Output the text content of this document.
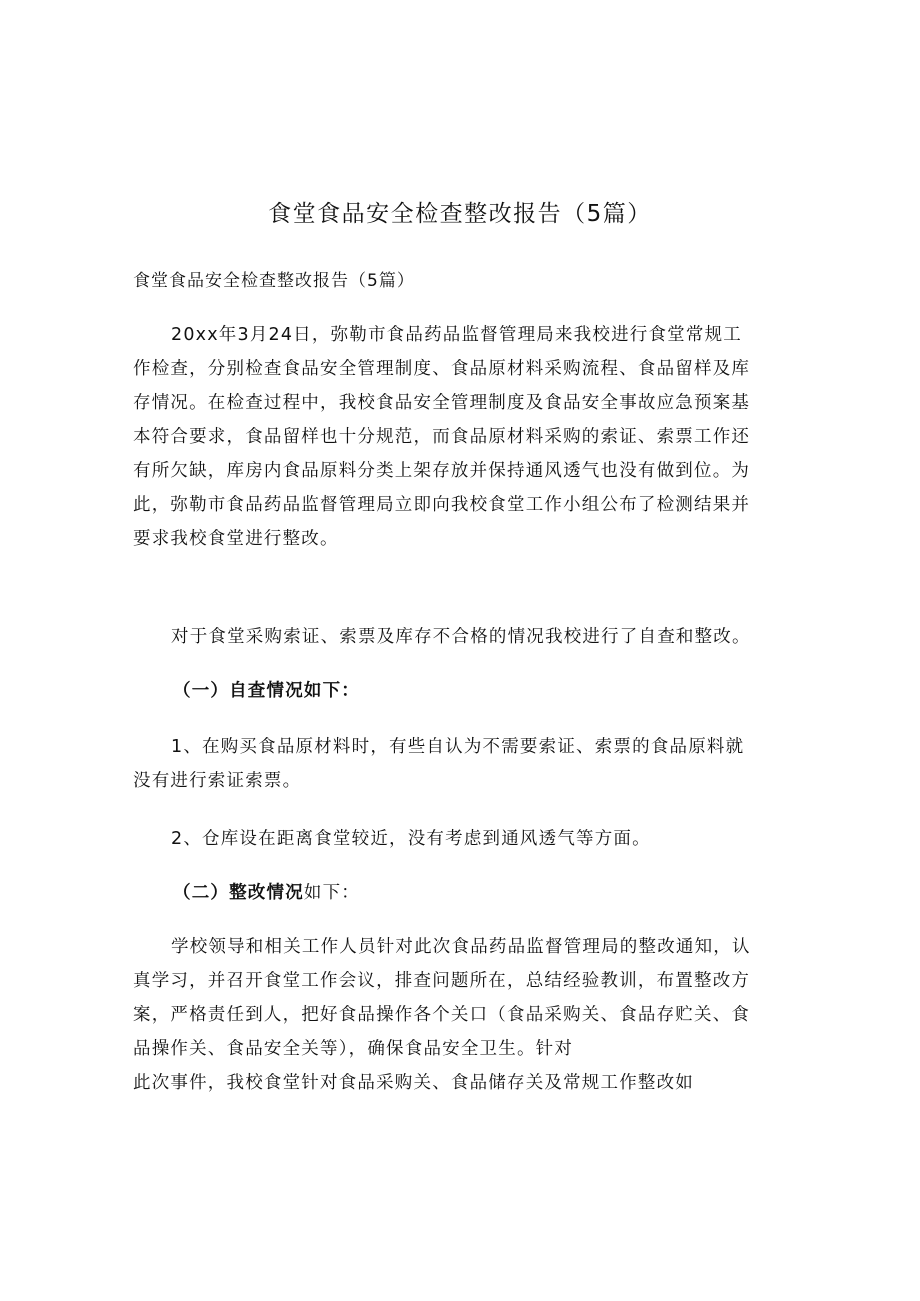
食堂食品安全检查整改报告（5篇）
食堂食品安全检查整改报告（5篇）
20xx年3月24日，弥勒市食品药品监督管理局来我校进行食堂常规工
作检查，分别检查食品安全管理制度、食品原材料采购流程、食品留样及库
存情况。在检查过程中，我校食品安全管理制度及食品安全事故应急预案基
本符合要求，食品留样也十分规范，而食品原材料采购的索证、索票工作还
有所欠缺，库房内食品原料分类上架存放并保持通风透气也没有做到位。为
此，弥勒市食品药品监督管理局立即向我校食堂工作小组公布了检测结果并
要求我校食堂进行整改。
对于食堂采购索证、索票及库存不合格的情况我校进行了自查和整改。
（一）自查情况如下：
1、在购买食品原材料时，有些自认为不需要索证、索票的食品原料就
没有进行索证索票。
2、仓库设在距离食堂较近，没有考虑到通风透气等方面。
（二）整改情况如下：
学校领导和相关工作人员针对此次食品药品监督管理局的整改通知，认
真学习，并召开食堂工作会议，排查问题所在，总结经验教训，布置整改方
案，严格责任到人，把好食品操作各个关口（食品采购关、食品存贮关、食
品操作关、食品安全关等），确保食品安全卫生。针对
此次事件，我校食堂针对食品采购关、食品储存关及常规工作整改如
